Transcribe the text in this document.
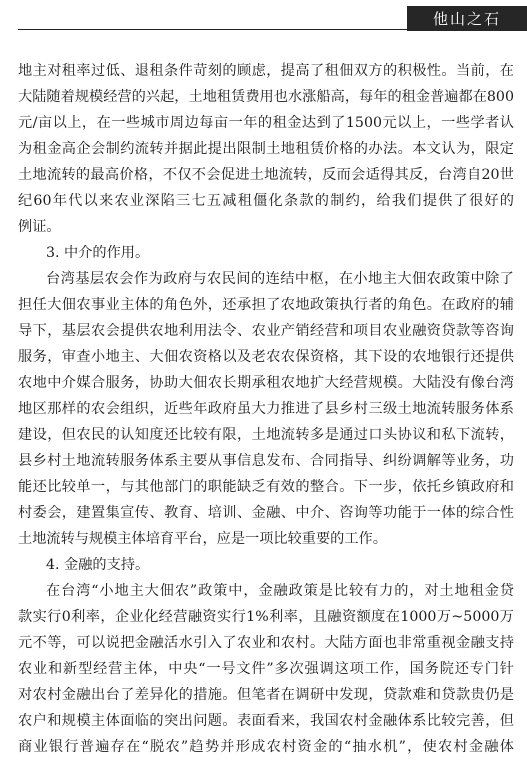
他山之石
地主对租率过低、退租条件苛刻的顾虑，提高了租佃双方的积极性。当前，在
大陆随着规模经营的兴起，土地租赁费用也水涨船高，每年的租金普遍都在800
元/亩以上，在一些城市周边每亩一年的租金达到了1500元以上，一些学者认
为租金高企会制约流转并据此提出限制土地租赁价格的办法。本文认为，限定
土地流转的最高价格，不仅不会促进土地流转，反而会适得其反，台湾自20世
纪60年代以来农业深陷三七五减租僵化条款的制约，给我们提供了很好的
例证。
3. 中介的作用。
台湾基层农会作为政府与农民间的连结中枢，在小地主大佃农政策中除了
担任大佃农事业主体的角色外，还承担了农地政策执行者的角色。在政府的辅
导下，基层农会提供农地利用法令、农业产销经营和项目农业融资贷款等咨询
服务，审查小地主、大佃农资格以及老农农保资格，其下设的农地银行还提供
农地中介媒合服务，协助大佃农长期承租农地扩大经营规模。大陆没有像台湾
地区那样的农会组织，近些年政府虽大力推进了县乡村三级土地流转服务体系
建设，但农民的认知度还比较有限，土地流转多是通过口头协议和私下流转，
县乡村土地流转服务体系主要从事信息发布、合同指导、纠纷调解等业务，功
能还比较单一，与其他部门的职能缺乏有效的整合。下一步，依托乡镇政府和
村委会，建置集宣传、教育、培训、金融、中介、咨询等功能于一体的综合性
土地流转与规模主体培育平台，应是一项比较重要的工作。
4. 金融的支持。
在台湾“小地主大佃农”政策中，金融政策是比较有力的，对土地租金贷
款实行0利率，企业化经营融资实行1%利率，且融资额度在1000万~5000万
元不等，可以说把金融活水引入了农业和农村。大陆方面也非常重视金融支持
农业和新型经营主体，中央“一号文件”多次强调这项工作，国务院还专门针
对农村金融出台了差异化的措施。但笔者在调研中发现，贷款难和贷款贵仍是
农户和规模主体面临的突出问题。表面看来，我国农村金融体系比较完善，但
商业银行普遍存在“脱农”趋势并形成农村资金的“抽水机”，使农村金融体
